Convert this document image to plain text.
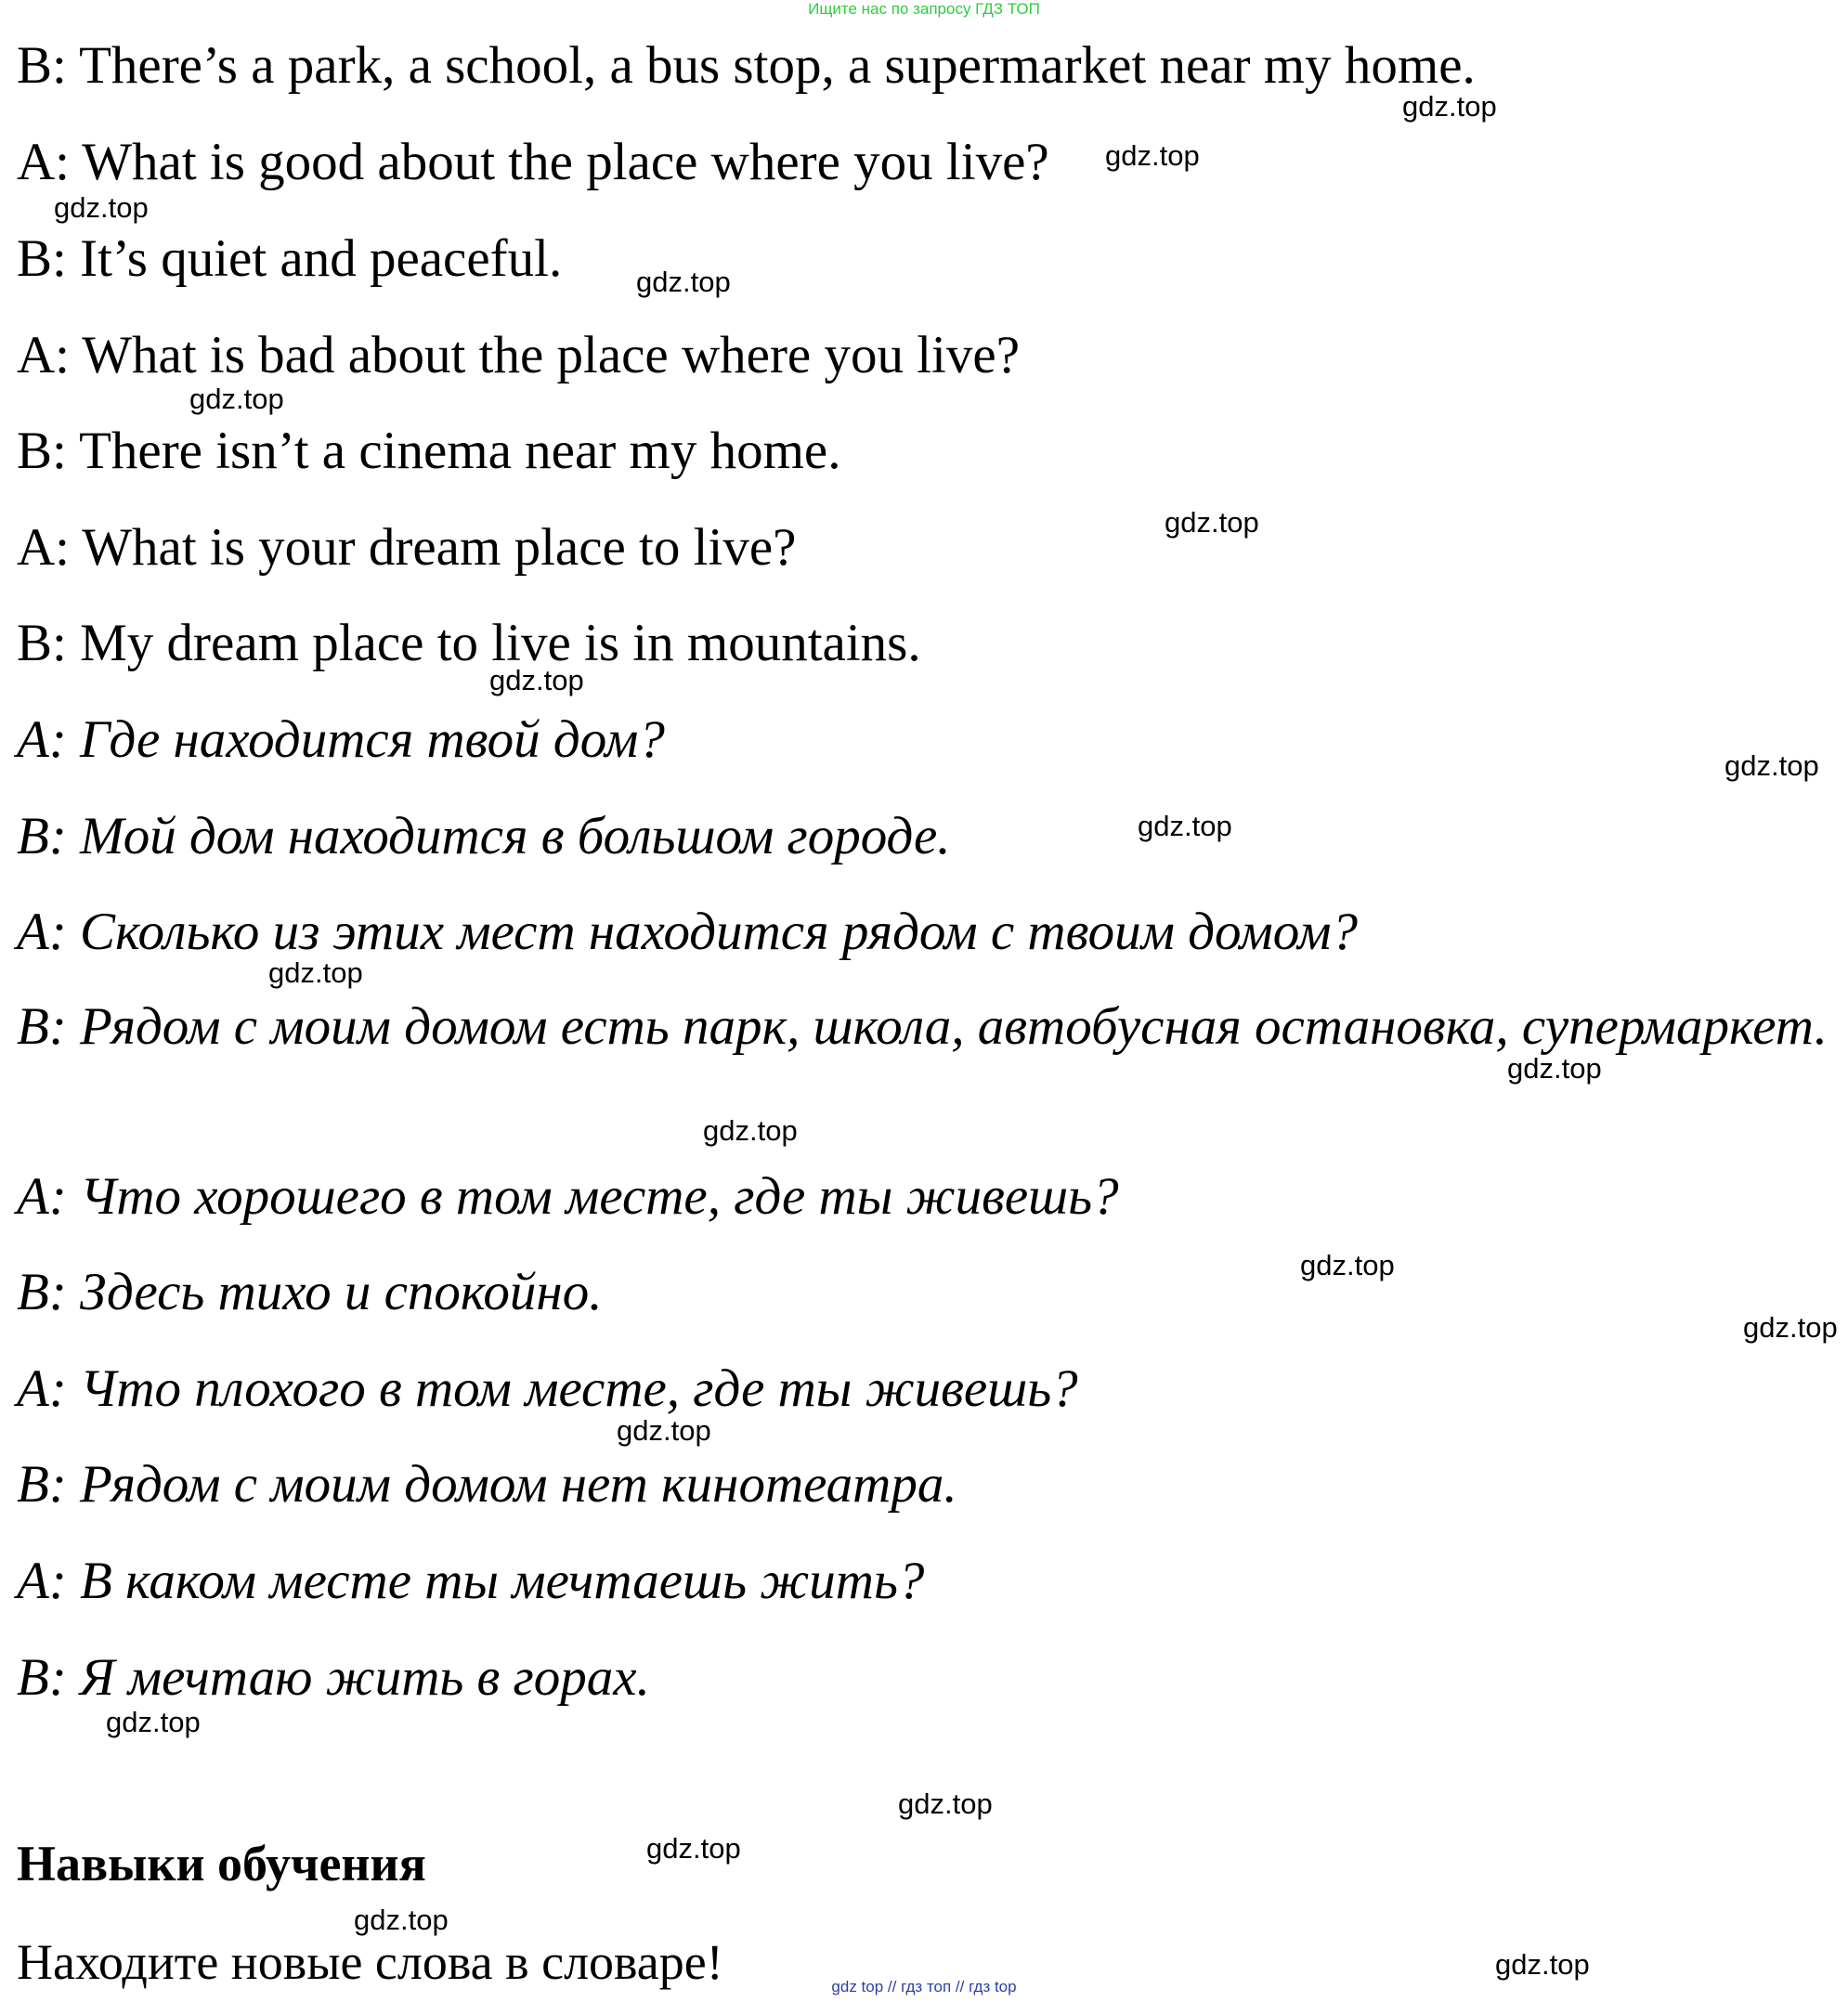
Ищите нас по запросу ГДЗ ТОП
B: There’s a park, a school, a bus stop, a supermarket near my home.
A: What is good about the place where you live?
B: It’s quiet and peaceful.
A: What is bad about the place where you live?
B: There isn’t a cinema near my home.
A: What is your dream place to live?
B: My dream place to live is in mountains.
A: Где находится твой дом?
B: Мой дом находится в большом городе.
A: Сколько из этих мест находится рядом с твоим домом?
B: Рядом с моим домом есть парк, школа, автобусная остановка, супермаркет.
A: Что хорошего в том месте, где ты живешь?
B: Здесь тихо и спокойно.
A: Что плохого в том месте, где ты живешь?
B: Рядом с моим домом нет кинотеатра.
A: В каком месте ты мечтаешь жить?
B: Я мечтаю жить в горах.
Навыки обучения
Находите новые слова в словаре!
gdz.top
gdz.top
gdz.top
gdz.top
gdz.top
gdz.top
gdz.top
gdz.top
gdz.top
gdz.top
gdz.top
gdz.top
gdz.top
gdz.top
gdz.top
gdz.top
gdz.top
gdz.top
gdz.top
gdz.top
gdz top // гдз топ // гдз top
